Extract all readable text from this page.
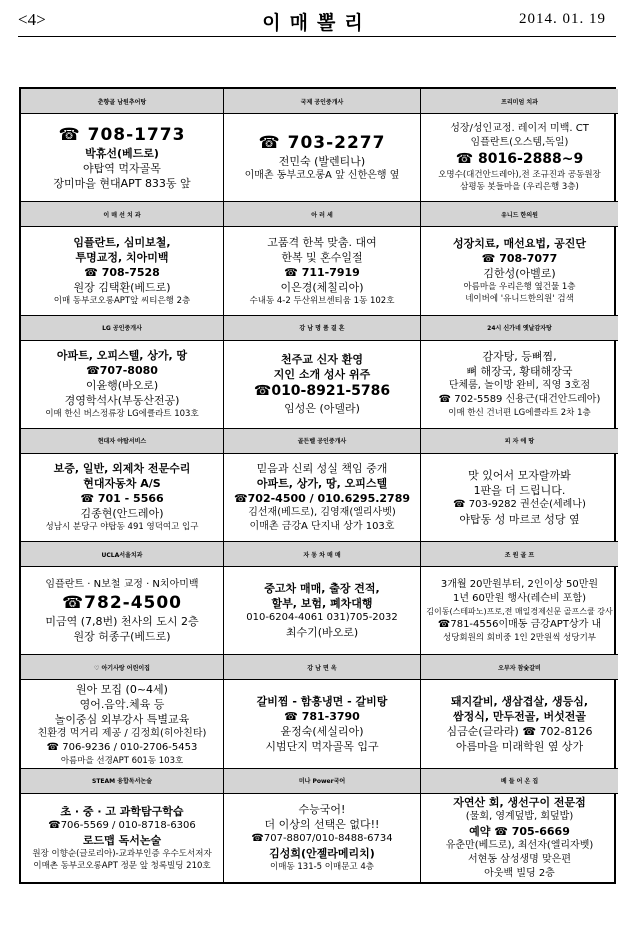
<4>	이매뽈리	2014. 01. 19
춘향골 남원추어탕
☎ 708-1773
박휴선(베드로)
야탑역 먹자골목
장미마을 현대APT 833동 앞
국제 공인중개사
☎ 703-2277
전민숙 (발렌티나)
이매촌 동부코오롱A 앞 신한은행 옆
프리미엄 치과
성장/성인교정. 레이저 미백. CT
임플란트(오스템,독일)
☎ 8016-2888~9
오명수(대건안드레아),전 조규진과 공동원장
삼평동 봇들마을 (우리은행 3층)
이 매 선 치 과
임플란트, 심미보철,
투명교정, 치아미백
☎ 708-7528
원장 김택환(베드로)
이매 동부코오롱APT앞 씨티은행 2층
아 러 세
고품격 한복 맞춤. 대여
한복 및 혼수일절
☎ 711-7919
이은경(체칠리아)
수내동 4-2 두산위브센티움 1동 102호
유니드 한의원
성장치료, 매선요법, 공진단
☎ 708-7077
김한성(아벨로)
아름마을 우리은행 옆건물 1층
네이버에 '유니드한의원' 검색
LG 공인중개사
아파트, 오피스텔, 상가, 땅
☎707-8080
이윤행(바오로)
경영학석사(부동산전공)
이매 한신 버스정류장 LG에클라트 103호
강 남 명 품 결 혼
천주교 신자 환영
지인 소개 성사 위주
☎010-8921-5786
임성은 (아델라)
24시 신가네 옛날감자탕
감자탕, 등뼈찜,
뼈 해장국, 황태해장국
단체룸, 놀이방 완비, 직영 3호점
☎ 702-5589 신용근(대건안드레아)
이매 한신 건너편 LG에클라트 2차 1층
현대자 야탑서비스
보증, 일반, 외제차 전문수리
현대자동차 A/S
☎ 701 - 5566
김종현(안드레아)
성남시 분당구 야탑동 491 영덕여고 입구
골든벨 공인중개사
믿음과 신뢰 성실 책임 중개
아파트, 상가, 땅, 오피스텔
☎702-4500 / 010.6295.2789
김선재(베드로), 김영재(엘리사벳)
이매촌 금강A 단지내 상가 103호
피 자 에 땅
맛 있어서 모자랄까봐
1판을 더 드립니다.
☎ 703-9282 권선순(세례나)
야탑동 성 마르코 성당 옆
UCLA서울치과
임플란트 · N보철 교정 · N치아미백
☎782-4500
미금역 (7,8번) 천사의 도시 2층
원장 허종구(베드로)
자 동 차 매 매
중고차 매매, 출장 견적,
할부, 보험, 폐차대행
010-6204-4061 031)705-2032
최수기(바오로)
조 원 골 프
3개월 20만원부터, 2인이상 50만원
1년 60만원 행사(레슨비 포함)
김이동(스테파노)프로,전 매일경제신문 골프스쿨 강사
☎781-4556이매동 금강APT상가 내
성당회원의 회비중 1인 2만원씩 성당기부
♡ 아기사랑 어린이집
원아 모집 (0~4세)
영어.음악.체육 등
놀이중심 외부강사 특별교육
친환경 먹거리 제공 / 김정희(히아친타)
☎ 706-9236 / 010-2706-5453
아름마을 선경APT 601동 103호
강 남 면 옥
갈비찜 - 함흥냉면 - 갈비탕
☎ 781-3790
윤정숙(세실리아)
시범단지 먹자골목 입구
오부자 참숯갈비
돼지갈비, 생삼겹살, 생등심,
쌈정식, 만두전골, 버섯전골
심금순(글라라) ☎ 702-8126
아름마을 미래학원 옆 상가
STEAM 융합독서논술
초 · 중 · 고 과학탐구학습
☎706-5569 / 010-8718-6306
로드맵 독서논술
원장 이향순(글로리아)-교과부인증 우수도서저자
이매촌 동부코오롱APT 정문 앞 청록빌딩 210호
미나 Power국어
수능국어!
더 이상의 선택은 없다!!
☎707-8807/010-8488-6734
김성희(안젤라메리치)
이매동 131-5 이매문고 4층
베 들 어 온 집
자연산 회, 생선구이 전문점
(물회, 영계덮밥, 회덮밥)
예약 ☎ 705-6669
유춘만(베드로), 최선자(엘리자벳)
서현동 삼성생명 맞은편
아웃백 빌딩 2층
